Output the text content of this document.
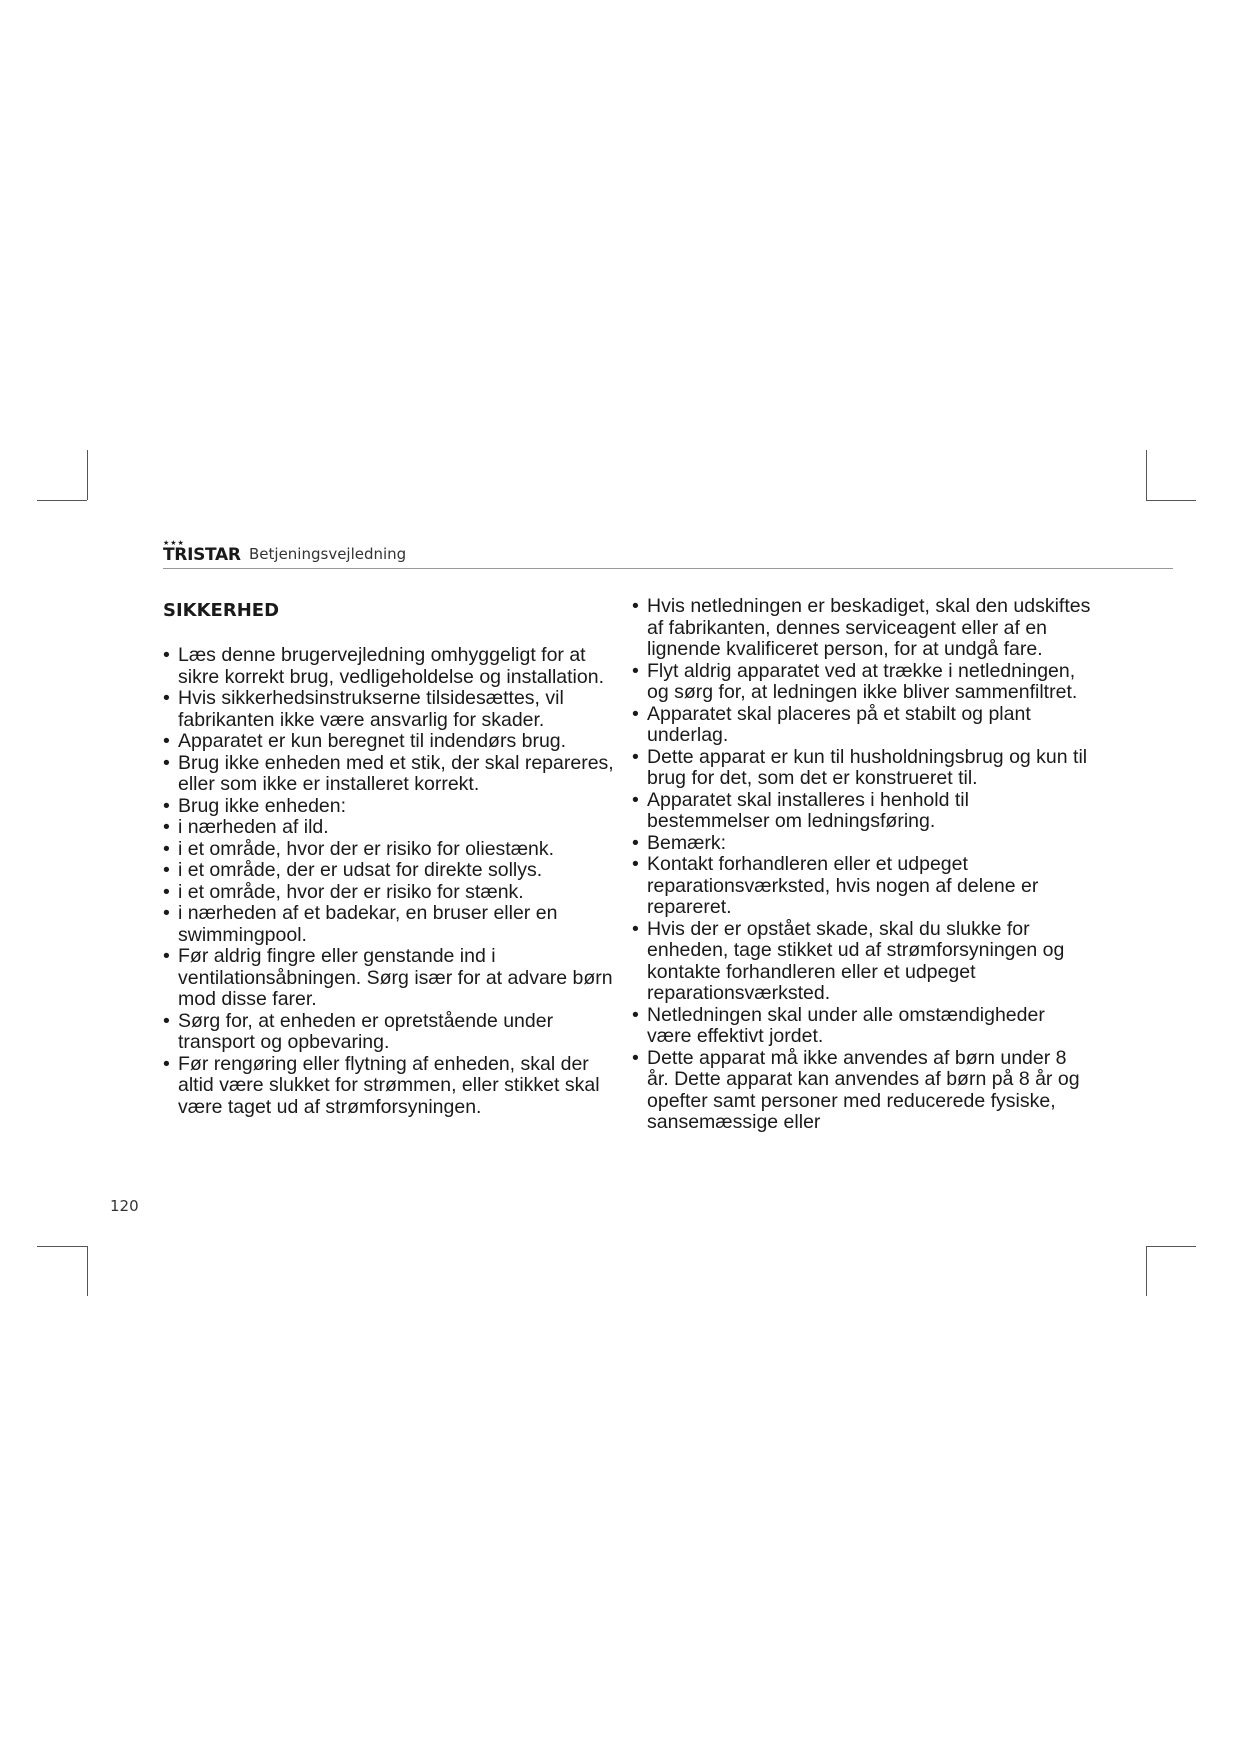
★★★
TRISTAR Betjeningsvejledning
SIKKERHED
• Læs denne brugervejledning omhyggeligt for at sikre korrekt brug, vedligeholdelse og installation.
• Hvis sikkerhedsinstrukserne tilsidesættes, vil fabrikanten ikke være ansvarlig for skader.
• Apparatet er kun beregnet til indendørs brug.
• Brug ikke enheden med et stik, der skal repareres, eller som ikke er installeret korrekt.
• Brug ikke enheden:
• i nærheden af ild.
• i et område, hvor der er risiko for oliestænk.
• i et område, der er udsat for direkte sollys.
• i et område, hvor der er risiko for stænk.
• i nærheden af et badekar, en bruser eller en swimmingpool.
• Før aldrig fingre eller genstande ind i ventilationsåbningen. Sørg især for at advare børn mod disse farer.
• Sørg for, at enheden er opretstående under transport og opbevaring.
• Før rengøring eller flytning af enheden, skal der altid være slukket for strømmen, eller stikket skal være taget ud af strømforsyningen.
• Hvis netledningen er beskadiget, skal den udskiftes af fabrikanten, dennes serviceagent eller af en lignende kvalificeret person, for at undgå fare.
• Flyt aldrig apparatet ved at trække i netledningen, og sørg for, at ledningen ikke bliver sammenfiltret.
• Apparatet skal placeres på et stabilt og plant underlag.
• Dette apparat er kun til husholdningsbrug og kun til brug for det, som det er konstrueret til.
• Apparatet skal installeres i henhold til bestemmelser om ledningsføring.
• Bemærk:
• Kontakt forhandleren eller et udpeget reparationsværksted, hvis nogen af delene er repareret.
• Hvis der er opstået skade, skal du slukke for enheden, tage stikket ud af strømforsyningen og kontakte forhandleren eller et udpeget reparationsværksted.
• Netledningen skal under alle omstændigheder være effektivt jordet.
• Dette apparat må ikke anvendes af børn under 8 år. Dette apparat kan anvendes af børn på 8 år og opefter samt personer med reducerede fysiske, sansemæssige eller
120
